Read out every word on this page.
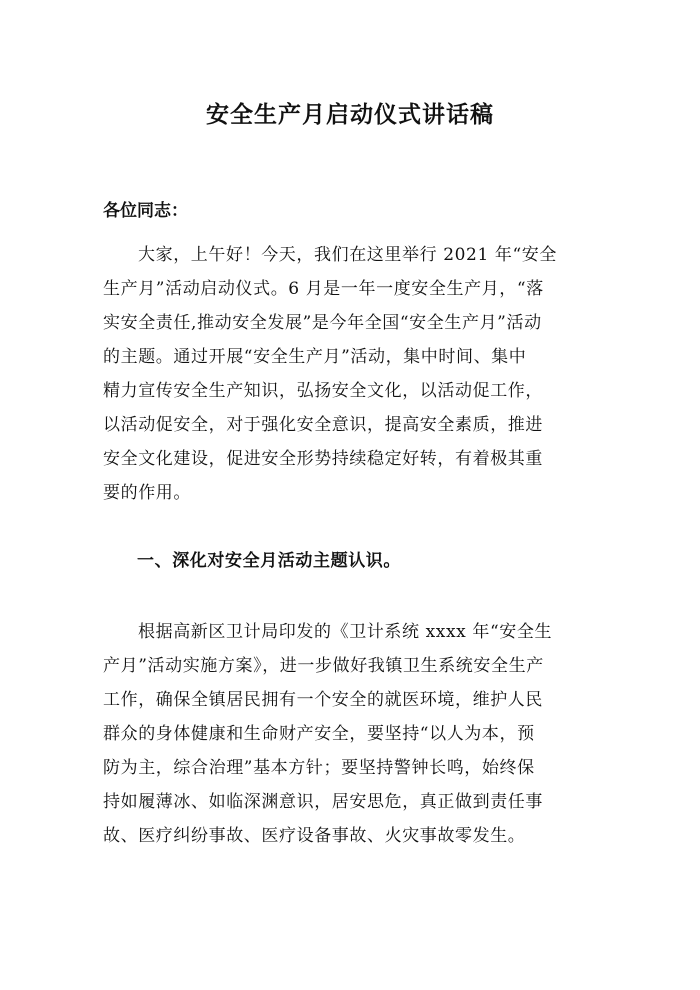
安全生产月启动仪式讲话稿

各位同志：

大家，上午好！今天，我们在这里举行 2021 年“安全
生产月”活动启动仪式。6 月是一年一度安全生产月，“落
实安全责任,推动安全发展”是今年全国“安全生产月”活动
的主题。通过开展“安全生产月”活动，集中时间、集中
精力宣传安全生产知识，弘扬安全文化，以活动促工作，
以活动促安全，对于强化安全意识，提高安全素质，推进
安全文化建设，促进安全形势持续稳定好转，有着极其重
要的作用。

一、深化对安全月活动主题认识。

根据高新区卫计局印发的《卫计系统 xxxx 年“安全生
产月”活动实施方案》，进一步做好我镇卫生系统安全生产
工作，确保全镇居民拥有一个安全的就医环境，维护人民
群众的身体健康和生命财产安全，要坚持“以人为本，预
防为主，综合治理”基本方针；要坚持警钟长鸣，始终保
持如履薄冰、如临深渊意识，居安思危，真正做到责任事
故、医疗纠纷事故、医疗设备事故、火灾事故零发生。
